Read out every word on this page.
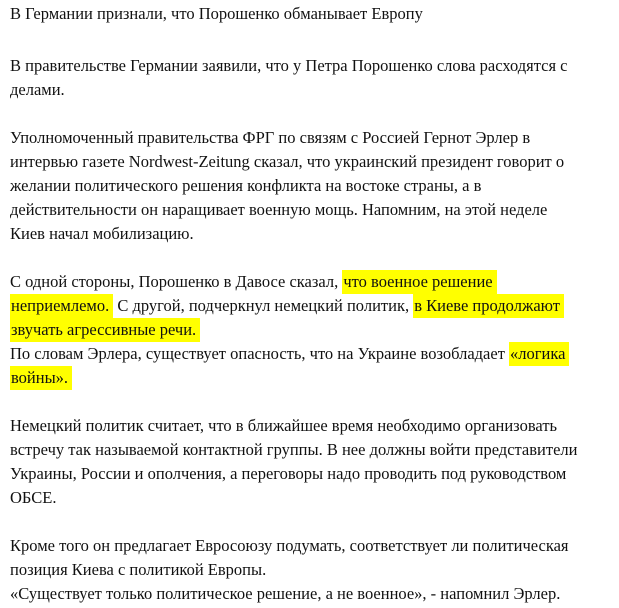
В Германии признали, что Порошенко обманывает Европу
В правительстве Германии заявили, что у Петра Порошенко слова расходятся с
делами.
Уполномоченный правительства ФРГ по связям с Россией Гернот Эрлер в
интервью газете Nordwest-Zeitung сказал, что украинский президент говорит о
желании политического решения конфликта на востоке страны, а в
действительности он наращивает военную мощь. Напомним, на этой неделе
Киев начал мобилизацию.
С одной стороны, Порошенко в Давосе сказал, что военное решение
неприемлемо. С другой, подчеркнул немецкий политик, в Киеве продолжают
звучать агрессивные речи.
По словам Эрлера, существует опасность, что на Украине возобладает «логика
войны».
Немецкий политик считает, что в ближайшее время необходимо организовать
встречу так называемой контактной группы. В нее должны войти представители
Украины, России и ополчения, а переговоры надо проводить под руководством
ОБСЕ.
Кроме того он предлагает Евросоюзу подумать, соответствует ли политическая
позиция Киева с политикой Европы.
«Существует только политическое решение, а не военное», - напомнил Эрлер.
